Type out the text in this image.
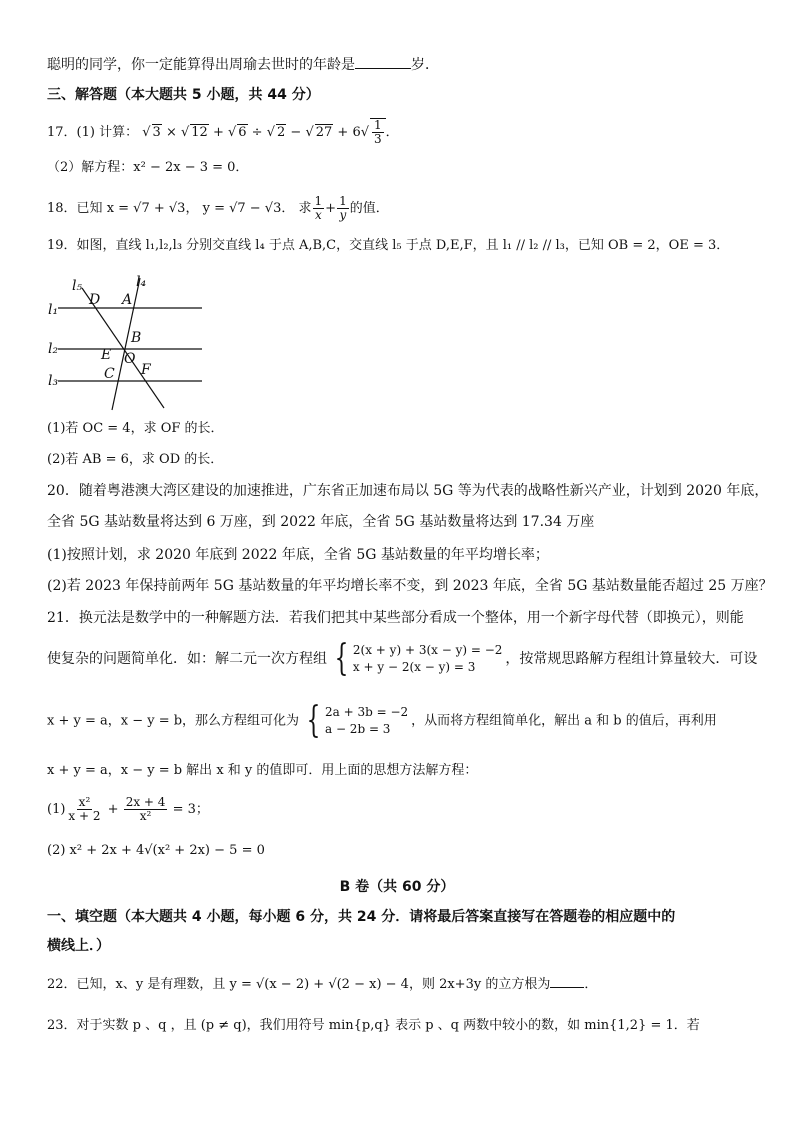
聪明的同学，你一定能算得出周瑜去世时的年龄是	岁．
三、解答题（本大题共 5 小题，共 44 分）
17．(1) 计算： √ 3 × √ 12 + √ 6 ÷ √ 2 − √ $27 + 6√ \frac{1}{3}$ ．
（2）解方程：x² − 2x − 3 = 0．
18．已知 x = √7 + √3， y = √7 − √3． 求 $\frac{1}{x} + \frac{1}{y}$ 的值．
19．如图，直线 l₁,l₂,l₃ 分别交直线 l₄ 于点 A,B,C，交直线 l₅ 于点 D,E,F，且 l₁ // l₂ // l₃，已知 OB = 2，OE = 3．
l₁
l₂
l₃
l₄
l₅
A
D
B
E O
C F
(1)若 OC = 4，求 OF 的长．
(2)若 AB = 6，求 OD 的长．
20．随着粤港澳大湾区建设的加速推进，广东省正加速布局以 5G 等为代表的战略性新兴产业，计划到 2020 年底，
全省 5G 基站数量将达到 6 万座，到 2022 年底，全省 5G 基站数量将达到 17.34 万座
(1)按照计划，求 2020 年底到 2022 年底，全省 5G 基站数量的年平均增长率；
(2)若 2023 年保持前两年 5G 基站数量的年平均增长率不变，到 2023 年底，全省 5G 基站数量能否超过 25 万座？
21．换元法是数学中的一种解题方法．若我们把其中某些部分看成一个整体，用一个新字母代替（即换元），则能
使复杂的问题简单化．如：解二元一次方程组 { 2(x + y) + 3(x − y) = −2
x + y − 2(x − y) = 3	，按常规思路解方程组计算量较大．可设
x + y = a，x − y = b，那么方程组可化为 { 2a + 3b = −2
a − 2b = 3
，从而将方程组简单化，解出 a 和 b 的值后，再利用
x + y = a，x − y = b 解出 x 和 y 的值即可．用上面的思想方法解方程：
$(1) \frac{\text{x²}}{x + 2} + \frac{2x + 4}{\text{x²}} = 3$；
(2) x² + 2x + 4√(x² + 2x) − 5 = 0
B 卷（共 60 分）
一、填空题（本大题共 4 小题，每小题 6 分，共 24 分．请将最后答案直接写在答题卷的相应题中的
横线上．）
22．已知，x、y 是有理数，且 y = √(x − 2) + √(2 − x) − 4，则 2x+3y 的立方根为	．
23．对于实数 p 、q ，且 (p ≠ q)，我们用符号 min{p,q} 表示 p 、q 两数中较小的数，如 min{1,2} = 1．若
